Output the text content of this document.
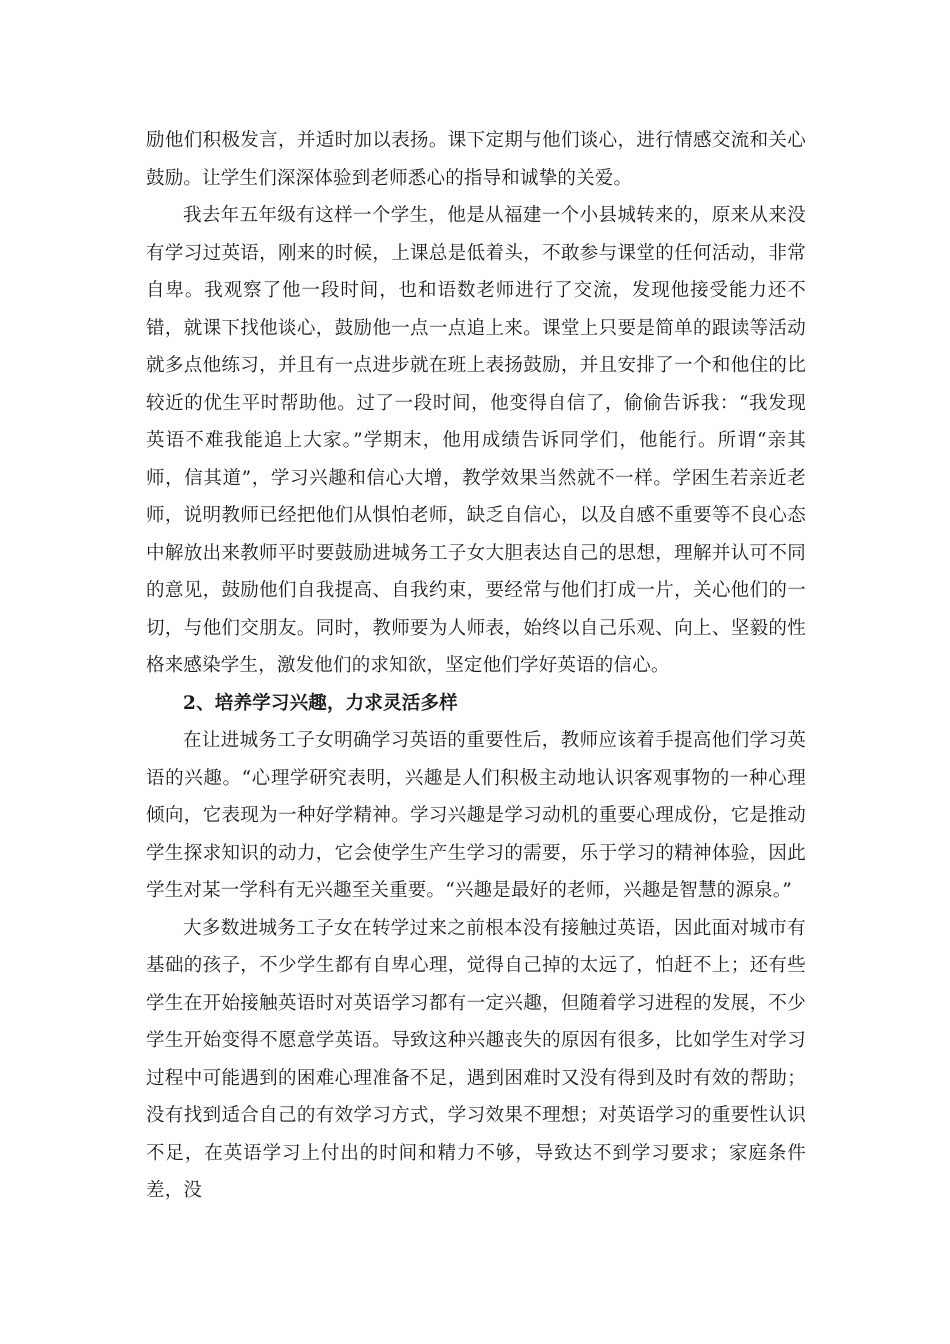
励他们积极发言，并适时加以表扬。课下定期与他们谈心，进行情感交流和关心鼓励。让学生们深深体验到老师悉心的指导和诚挚的关爱。

我去年五年级有这样一个学生，他是从福建一个小县城转来的，原来从来没有学习过英语，刚来的时候，上课总是低着头，不敢参与课堂的任何活动，非常自卑。我观察了他一段时间，也和语数老师进行了交流，发现他接受能力还不错，就课下找他谈心，鼓励他一点一点追上来。课堂上只要是简单的跟读等活动就多点他练习，并且有一点进步就在班上表扬鼓励，并且安排了一个和他住的比较近的优生平时帮助他。过了一段时间，他变得自信了，偷偷告诉我：“我发现英语不难我能追上大家。”学期末，他用成绩告诉同学们，他能行。所谓“亲其师，信其道”，学习兴趣和信心大增，教学效果当然就不一样。学困生若亲近老师，说明教师已经把他们从惧怕老师，缺乏自信心，以及自感不重要等不良心态中解放出来教师平时要鼓励进城务工子女大胆表达自己的思想，理解并认可不同的意见，鼓励他们自我提高、自我约束，要经常与他们打成一片，关心他们的一切，与他们交朋友。同时，教师要为人师表，始终以自己乐观、向上、坚毅的性格来感染学生，激发他们的求知欲，坚定他们学好英语的信心。

2、培养学习兴趣，力求灵活多样

在让进城务工子女明确学习英语的重要性后，教师应该着手提高他们学习英语的兴趣。“心理学研究表明，兴趣是人们积极主动地认识客观事物的一种心理倾向，它表现为一种好学精神。学习兴趣是学习动机的重要心理成份，它是推动学生探求知识的动力，它会使学生产生学习的需要，乐于学习的精神体验，因此学生对某一学科有无兴趣至关重要。“兴趣是最好的老师，兴趣是智慧的源泉。”

大多数进城务工子女在转学过来之前根本没有接触过英语，因此面对城市有基础的孩子，不少学生都有自卑心理，觉得自己掉的太远了，怕赶不上；还有些学生在开始接触英语时对英语学习都有一定兴趣，但随着学习进程的发展，不少学生开始变得不愿意学英语。导致这种兴趣丧失的原因有很多，比如学生对学习过程中可能遇到的困难心理准备不足，遇到困难时又没有得到及时有效的帮助；没有找到适合自己的有效学习方式，学习效果不理想；对英语学习的重要性认识不足，在英语学习上付出的时间和精力不够，导致达不到学习要求；家庭条件差，没
